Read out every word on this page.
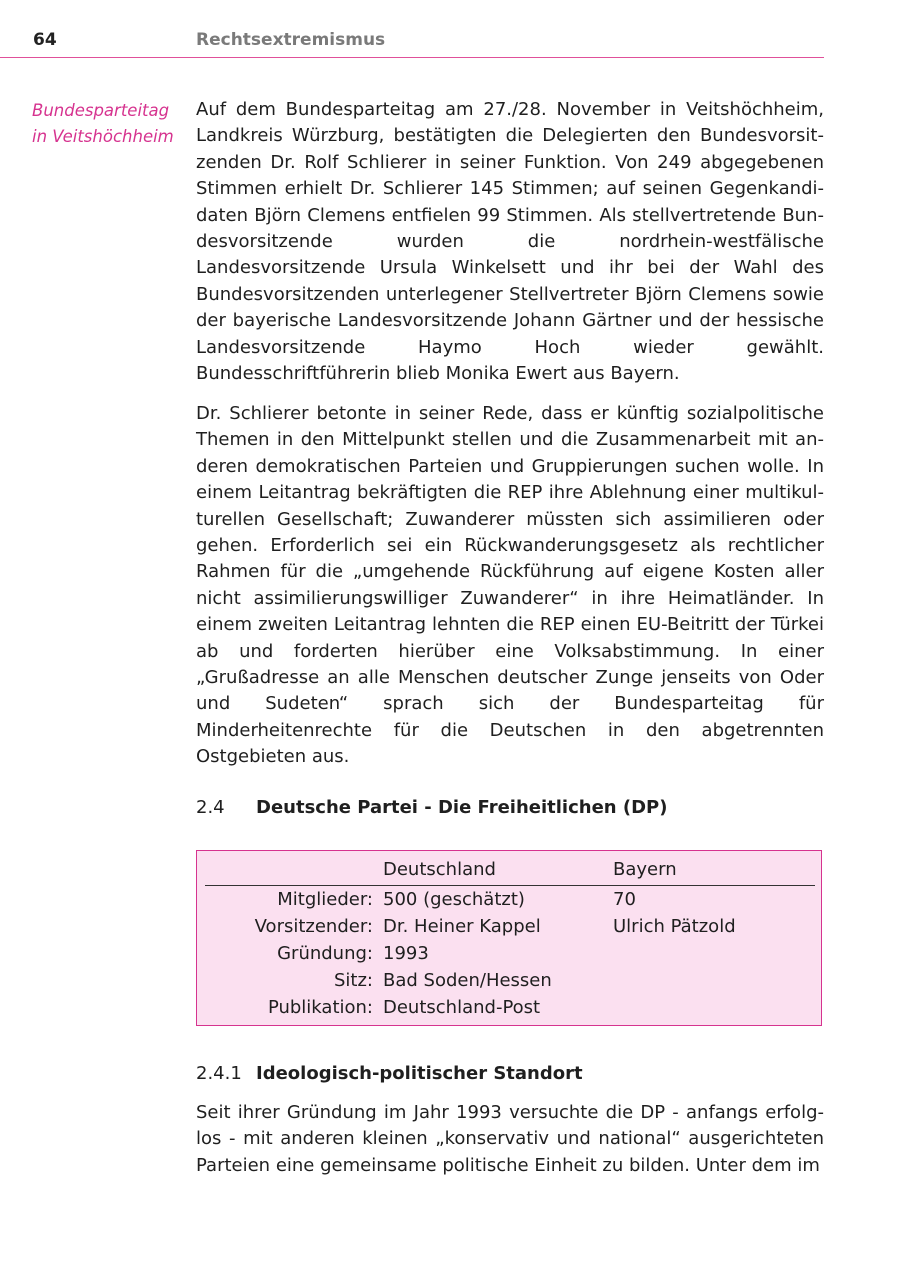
64	Rechtsextremismus
Bundesparteitag
in Veitshöchheim

Auf dem Bundesparteitag am 27./28. November in Veitshöchheim, Landkreis Würzburg, bestätigten die Delegierten den Bundesvorsitzenden Dr. Rolf Schlierer in seiner Funktion. Von 249 abgegebenen Stimmen erhielt Dr. Schlierer 145 Stimmen; auf seinen Gegenkandidaten Björn Clemens entfielen 99 Stimmen. Als stellvertretende Bundesvorsitzende wurden die nordrhein-westfälische Landesvorsitzende Ursula Winkelsett und ihr bei der Wahl des Bundesvorsitzenden unterlegener Stellvertreter Björn Clemens sowie der bayerische Landesvorsitzende Johann Gärtner und der hessische Landesvorsitzende Haymo Hoch wieder gewählt. Bundesschriftführerin blieb Monika Ewert aus Bayern.

Dr. Schlierer betonte in seiner Rede, dass er künftig sozialpolitische Themen in den Mittelpunkt stellen und die Zusammenarbeit mit anderen demokratischen Parteien und Gruppierungen suchen wolle. In einem Leitantrag bekräftigten die REP ihre Ablehnung einer multikulturellen Gesellschaft; Zuwanderer müssten sich assimilieren oder gehen. Erforderlich sei ein Rückwanderungsgesetz als rechtlicher Rahmen für die „umgehende Rückführung auf eigene Kosten aller nicht assimilierungswilliger Zuwanderer“ in ihre Heimatländer. In einem zweiten Leitantrag lehnten die REP einen EU-Beitritt der Türkei ab und forderten hierüber eine Volksabstimmung. In einer „Grußadresse an alle Menschen deutscher Zunge jenseits von Oder und Sudeten“ sprach sich der Bundesparteitag für Minderheitenrechte für die Deutschen in den abgetrennten Ostgebieten aus.

2.4 Deutsche Partei - Die Freiheitlichen (DP)
Deutschland	Bayern
Mitglieder: 500 (geschätzt)	70
Vorsitzender: Dr. Heiner Kappel	Ulrich Pätzold
Gründung: 1993
Sitz: Bad Soden/Hessen
Publikation: Deutschland-Post
2.4.1 Ideologisch-politischer Standort

Seit ihrer Gründung im Jahr 1993 versuchte die DP - anfangs erfolglos - mit anderen kleinen „konservativ und national“ ausgerichteten Parteien eine gemeinsame politische Einheit zu bilden. Unter dem im
